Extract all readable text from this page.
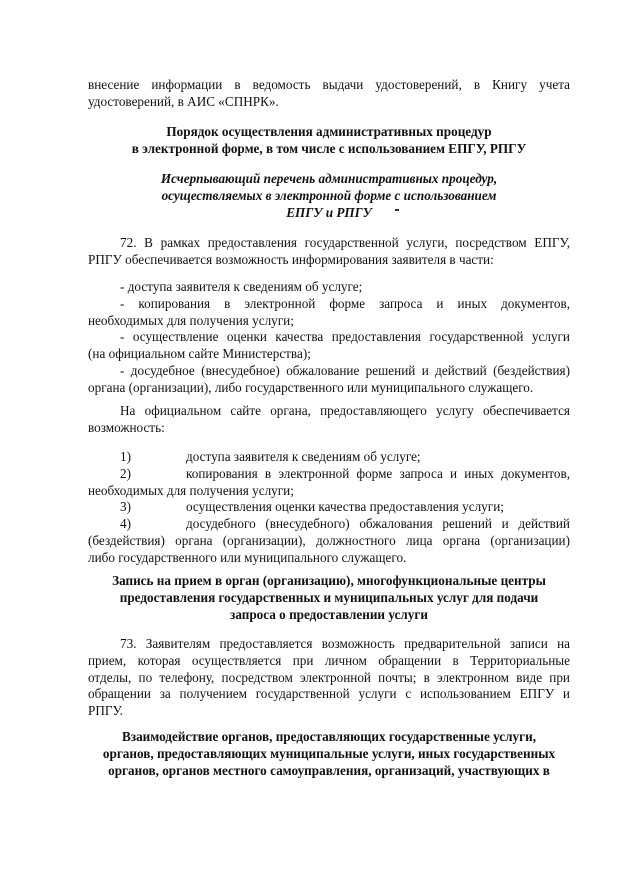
внесение информации в ведомость выдачи удостоверений, в Книгу учета
удостоверений, в АИС «СПНРК».

Порядок осуществления административных процедур
в электронной форме, в том числе с использованием ЕПГУ, РПГУ

Исчерпывающий перечень административных процедур,
осуществляемых в электронной форме с использованием
ЕПГУ и РПГУ

72. В рамках предоставления государственной услуги, посредством ЕПГУ,
РПГУ обеспечивается возможность информирования заявителя в части:

- доступа заявителя к сведениям об услуге;
- копирования в электронной форме запроса и иных документов,
необходимых для получения услуги;
- осуществление оценки качества предоставления государственной услуги
(на официальном сайте Министерства);
- досудебное (внесудебное) обжалование решений и действий (бездействия)
органа (организации), либо государственного или муниципального служащего.

На официальном сайте органа, предоставляющего услугу обеспечивается
возможность:

1)	доступа заявителя к сведениям об услуге;
2)	копирования в электронной форме запроса и иных документов,
необходимых для получения услуги;
3)	осуществления оценки качества предоставления услуги;
4)	досудебного (внесудебного) обжалования решений и действий
(бездействия) органа (организации), должностного лица органа (организации)
либо государственного или муниципального служащего.

Запись на прием в орган (организацию), многофункциональные центры
предоставления государственных и муниципальных услуг для подачи
запроса о предоставлении услуги

73. Заявителям предоставляется возможность предварительной записи на
прием, которая осуществляется при личном обращении в Территориальные
отделы, по телефону, посредством электронной почты; в электронном виде при
обращении за получением государственной услуги с использованием ЕПГУ и
РПГУ.

Взаимодействие органов, предоставляющих государственные услуги,
органов, предоставляющих муниципальные услуги, иных государственных
органов, органов местного самоуправления, организаций, участвующих в
